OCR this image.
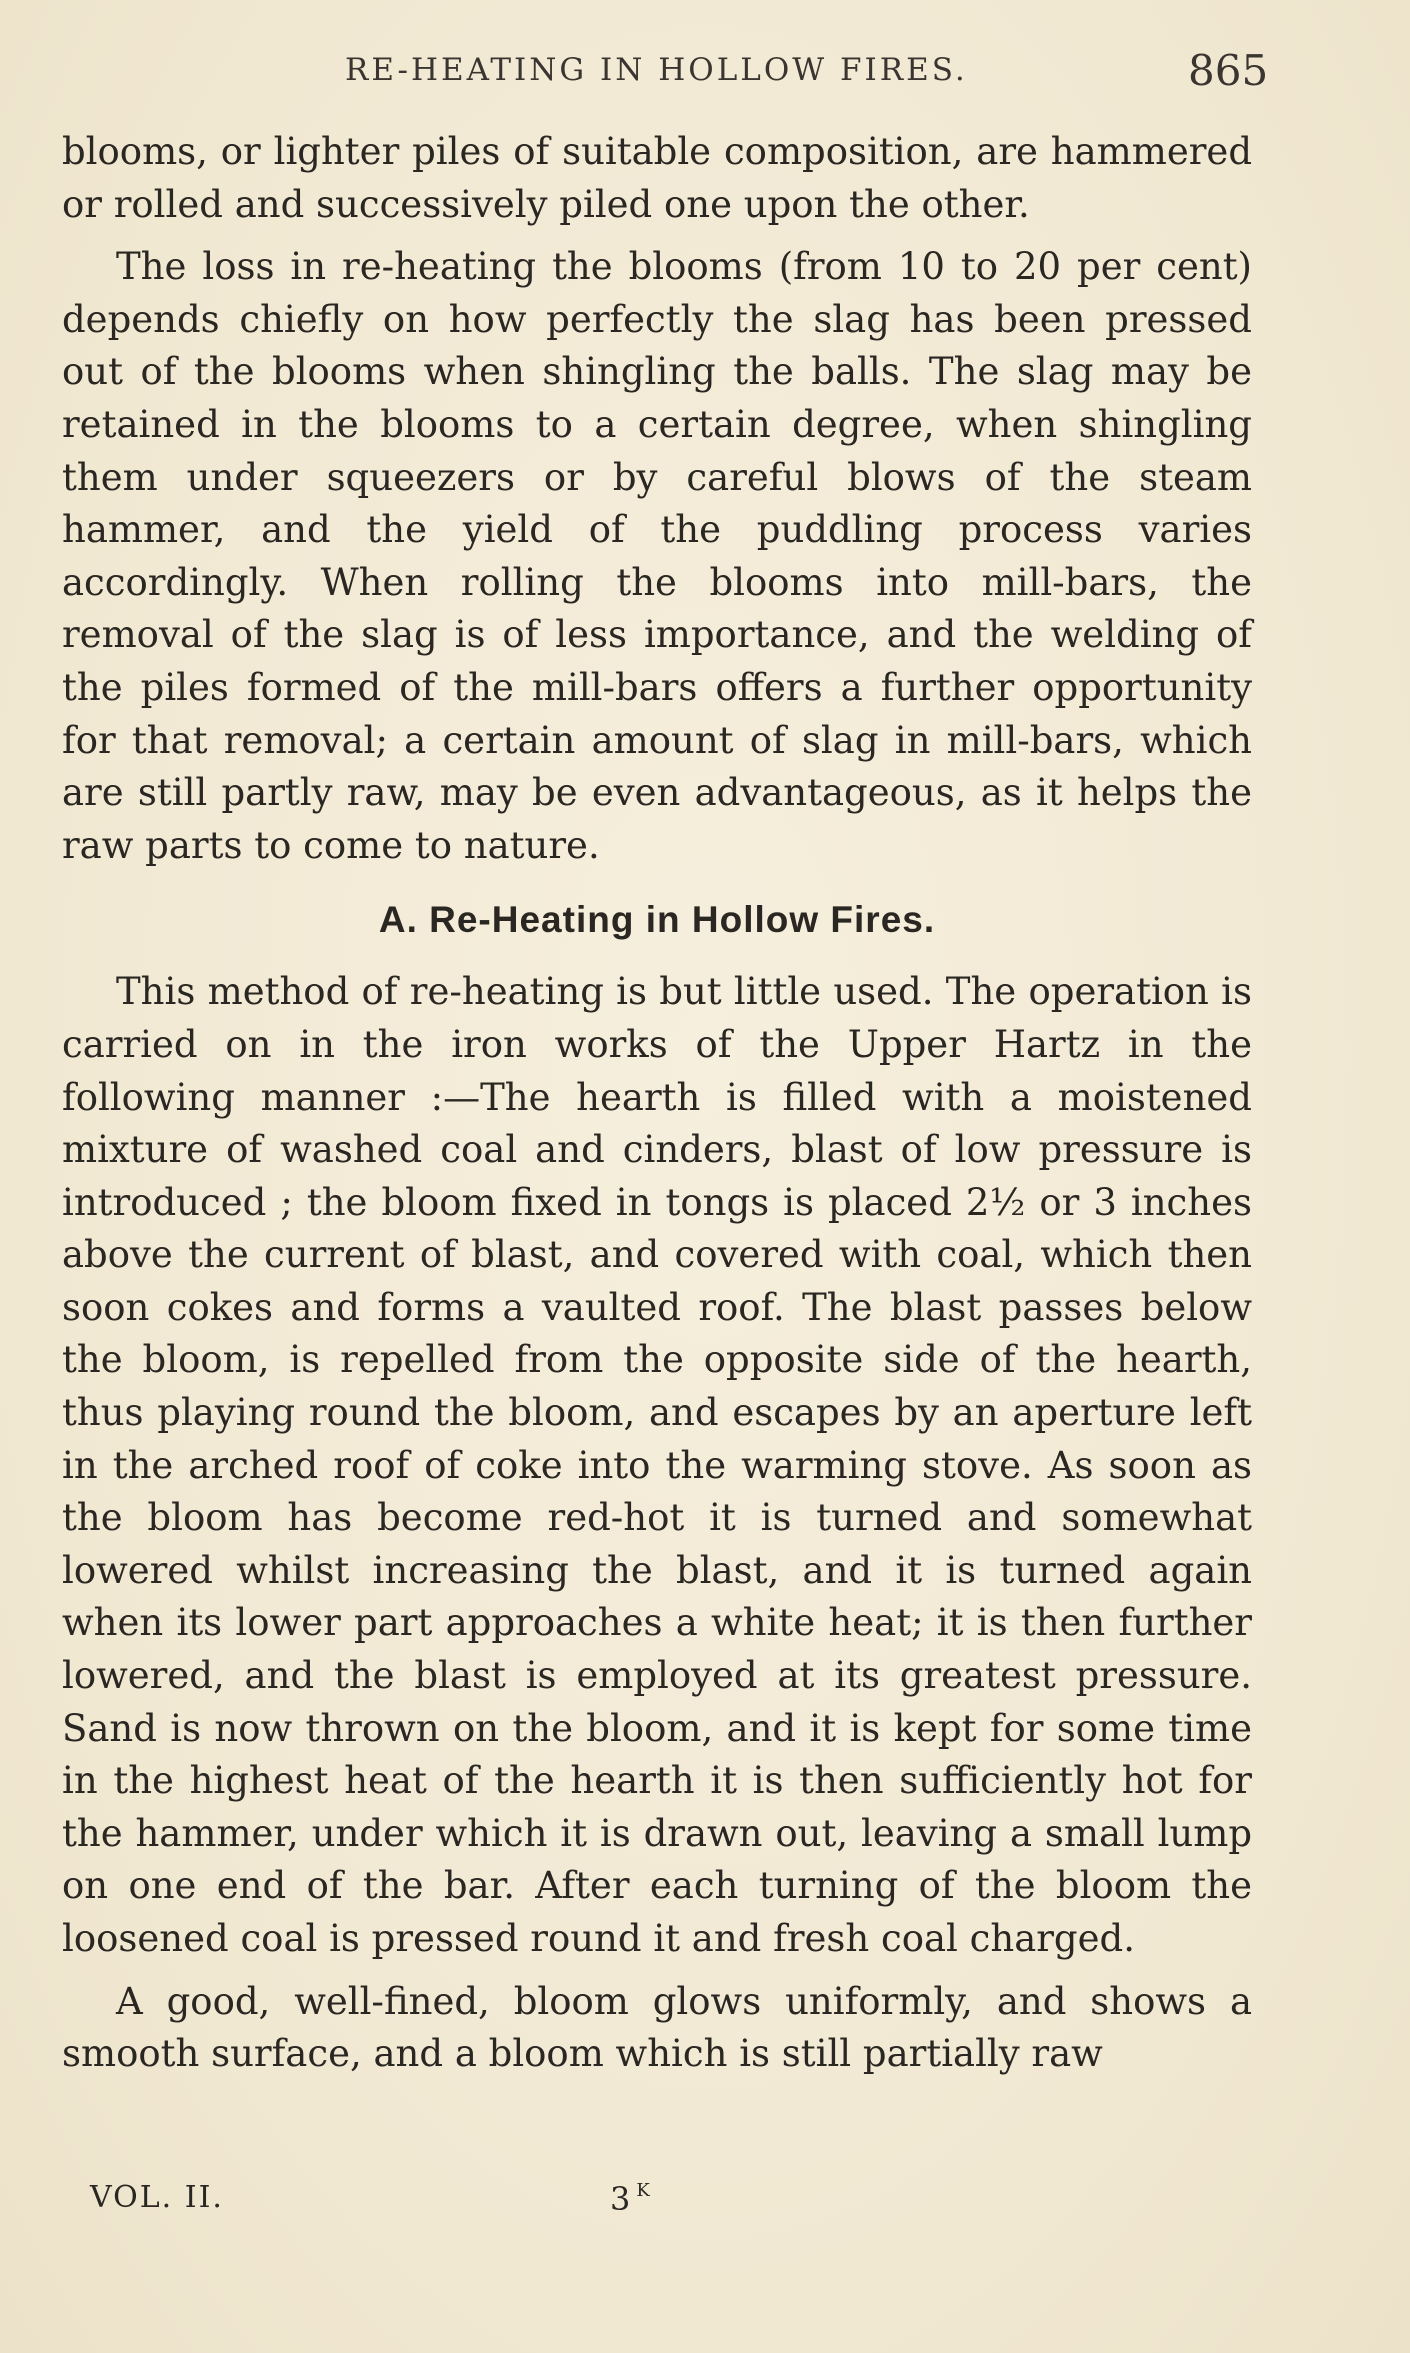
RE-HEATING IN HOLLOW FIRES.	865

blooms, or lighter piles of suitable composition, are hammered or rolled and successively piled one upon the other.

The loss in re-heating the blooms (from 10 to 20 per cent) depends chiefly on how perfectly the slag has been pressed out of the blooms when shingling the balls. The slag may be retained in the blooms to a certain degree, when shingling them under squeezers or by careful blows of the steam hammer, and the yield of the puddling process varies accordingly. When rolling the blooms into mill-bars, the removal of the slag is of less importance, and the welding of the piles formed of the mill-bars offers a further opportunity for that removal; a certain amount of slag in mill-bars, which are still partly raw, may be even advantageous, as it helps the raw parts to come to nature.

A. Re-Heating in Hollow Fires.

This method of re-heating is but little used. The operation is carried on in the iron works of the Upper Hartz in the following manner :—The hearth is filled with a moistened mixture of washed coal and cinders, blast of low pressure is introduced ; the bloom fixed in tongs is placed 2½ or 3 inches above the current of blast, and covered with coal, which then soon cokes and forms a vaulted roof. The blast passes below the bloom, is repelled from the opposite side of the hearth, thus playing round the bloom, and escapes by an aperture left in the arched roof of coke into the warming stove. As soon as the bloom has become red-hot it is turned and somewhat lowered whilst increasing the blast, and it is turned again when its lower part approaches a white heat; it is then further lowered, and the blast is employed at its greatest pressure. Sand is now thrown on the bloom, and it is kept for some time in the highest heat of the hearth it is then sufficiently hot for the hammer, under which it is drawn out, leaving a small lump on one end of the bar. After each turning of the bloom the loosened coal is pressed round it and fresh coal charged.

A good, well-fined, bloom glows uniformly, and shows a smooth surface, and a bloom which is still partially raw

VOL. II.	3 $^K$
